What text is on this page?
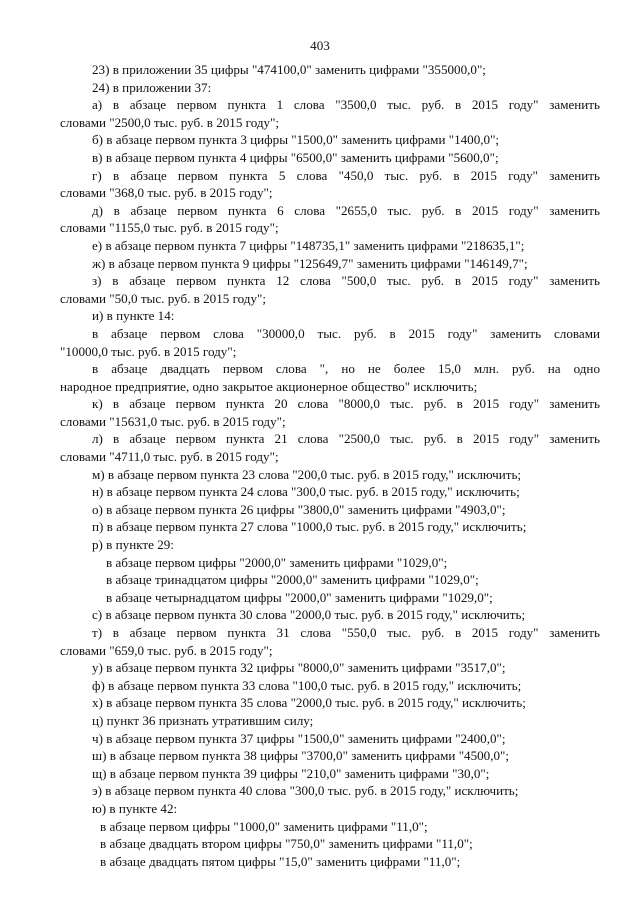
403
23) в приложении 35 цифры "474100,0" заменить цифрами "355000,0";
24) в приложении 37:
а) в абзаце первом пункта 1 слова "3500,0 тыс. руб. в 2015 году" заменить
словами "2500,0 тыс. руб. в 2015 году";
б) в абзаце первом пункта 3 цифры "1500,0" заменить цифрами "1400,0";
в) в абзаце первом пункта 4 цифры "6500,0" заменить цифрами "5600,0";
г) в абзаце первом пункта 5 слова "450,0 тыс. руб. в 2015 году" заменить
словами "368,0 тыс. руб. в 2015 году";
д) в абзаце первом пункта 6 слова "2655,0 тыс. руб. в 2015 году" заменить
словами "1155,0 тыс. руб. в 2015 году";
е) в абзаце первом пункта 7 цифры "148735,1" заменить цифрами "218635,1";
ж) в абзаце первом пункта 9 цифры "125649,7" заменить цифрами "146149,7";
з) в абзаце первом пункта 12 слова "500,0 тыс. руб. в 2015 году" заменить
словами "50,0 тыс. руб. в 2015 году";
и) в пункте 14:
в абзаце первом слова "30000,0 тыс. руб. в 2015 году" заменить словами
"10000,0 тыс. руб. в 2015 году";
в абзаце двадцать первом слова ", но не более 15,0 млн. руб. на одно
народное предприятие, одно закрытое акционерное общество" исключить;
к) в абзаце первом пункта 20 слова "8000,0 тыс. руб. в 2015 году" заменить
словами "15631,0 тыс. руб. в 2015 году";
л) в абзаце первом пункта 21 слова "2500,0 тыс. руб. в 2015 году" заменить
словами "4711,0 тыс. руб. в 2015 году";
м) в абзаце первом пункта 23 слова "200,0 тыс. руб. в 2015 году," исключить;
н) в абзаце первом пункта 24 слова "300,0 тыс. руб. в 2015 году," исключить;
о) в абзаце первом пункта 26 цифры "3800,0" заменить цифрами "4903,0";
п) в абзаце первом пункта 27 слова "1000,0 тыс. руб. в 2015 году," исключить;
р) в пункте 29:
в абзаце первом цифры "2000,0" заменить цифрами "1029,0";
в абзаце тринадцатом цифры "2000,0" заменить цифрами "1029,0";
в абзаце четырнадцатом цифры "2000,0" заменить цифрами "1029,0";
с) в абзаце первом пункта 30 слова "2000,0 тыс. руб. в 2015 году," исключить;
т) в абзаце первом пункта 31 слова "550,0 тыс. руб. в 2015 году" заменить
словами "659,0 тыс. руб. в 2015 году";
у) в абзаце первом пункта 32 цифры "8000,0" заменить цифрами "3517,0";
ф) в абзаце первом пункта 33 слова "100,0 тыс. руб. в 2015 году," исключить;
х) в абзаце первом пункта 35 слова "2000,0 тыс. руб. в 2015 году," исключить;
ц) пункт 36 признать утратившим силу;
ч) в абзаце первом пункта 37 цифры "1500,0" заменить цифрами "2400,0";
ш) в абзаце первом пункта 38 цифры "3700,0" заменить цифрами "4500,0";
щ) в абзаце первом пункта 39 цифры "210,0" заменить цифрами "30,0";
э) в абзаце первом пункта 40 слова "300,0 тыс. руб. в 2015 году," исключить;
ю) в пункте 42:
в абзаце первом цифры "1000,0" заменить цифрами "11,0";
в абзаце двадцать втором цифры "750,0" заменить цифрами "11,0";
в абзаце двадцать пятом цифры "15,0" заменить цифрами "11,0";
